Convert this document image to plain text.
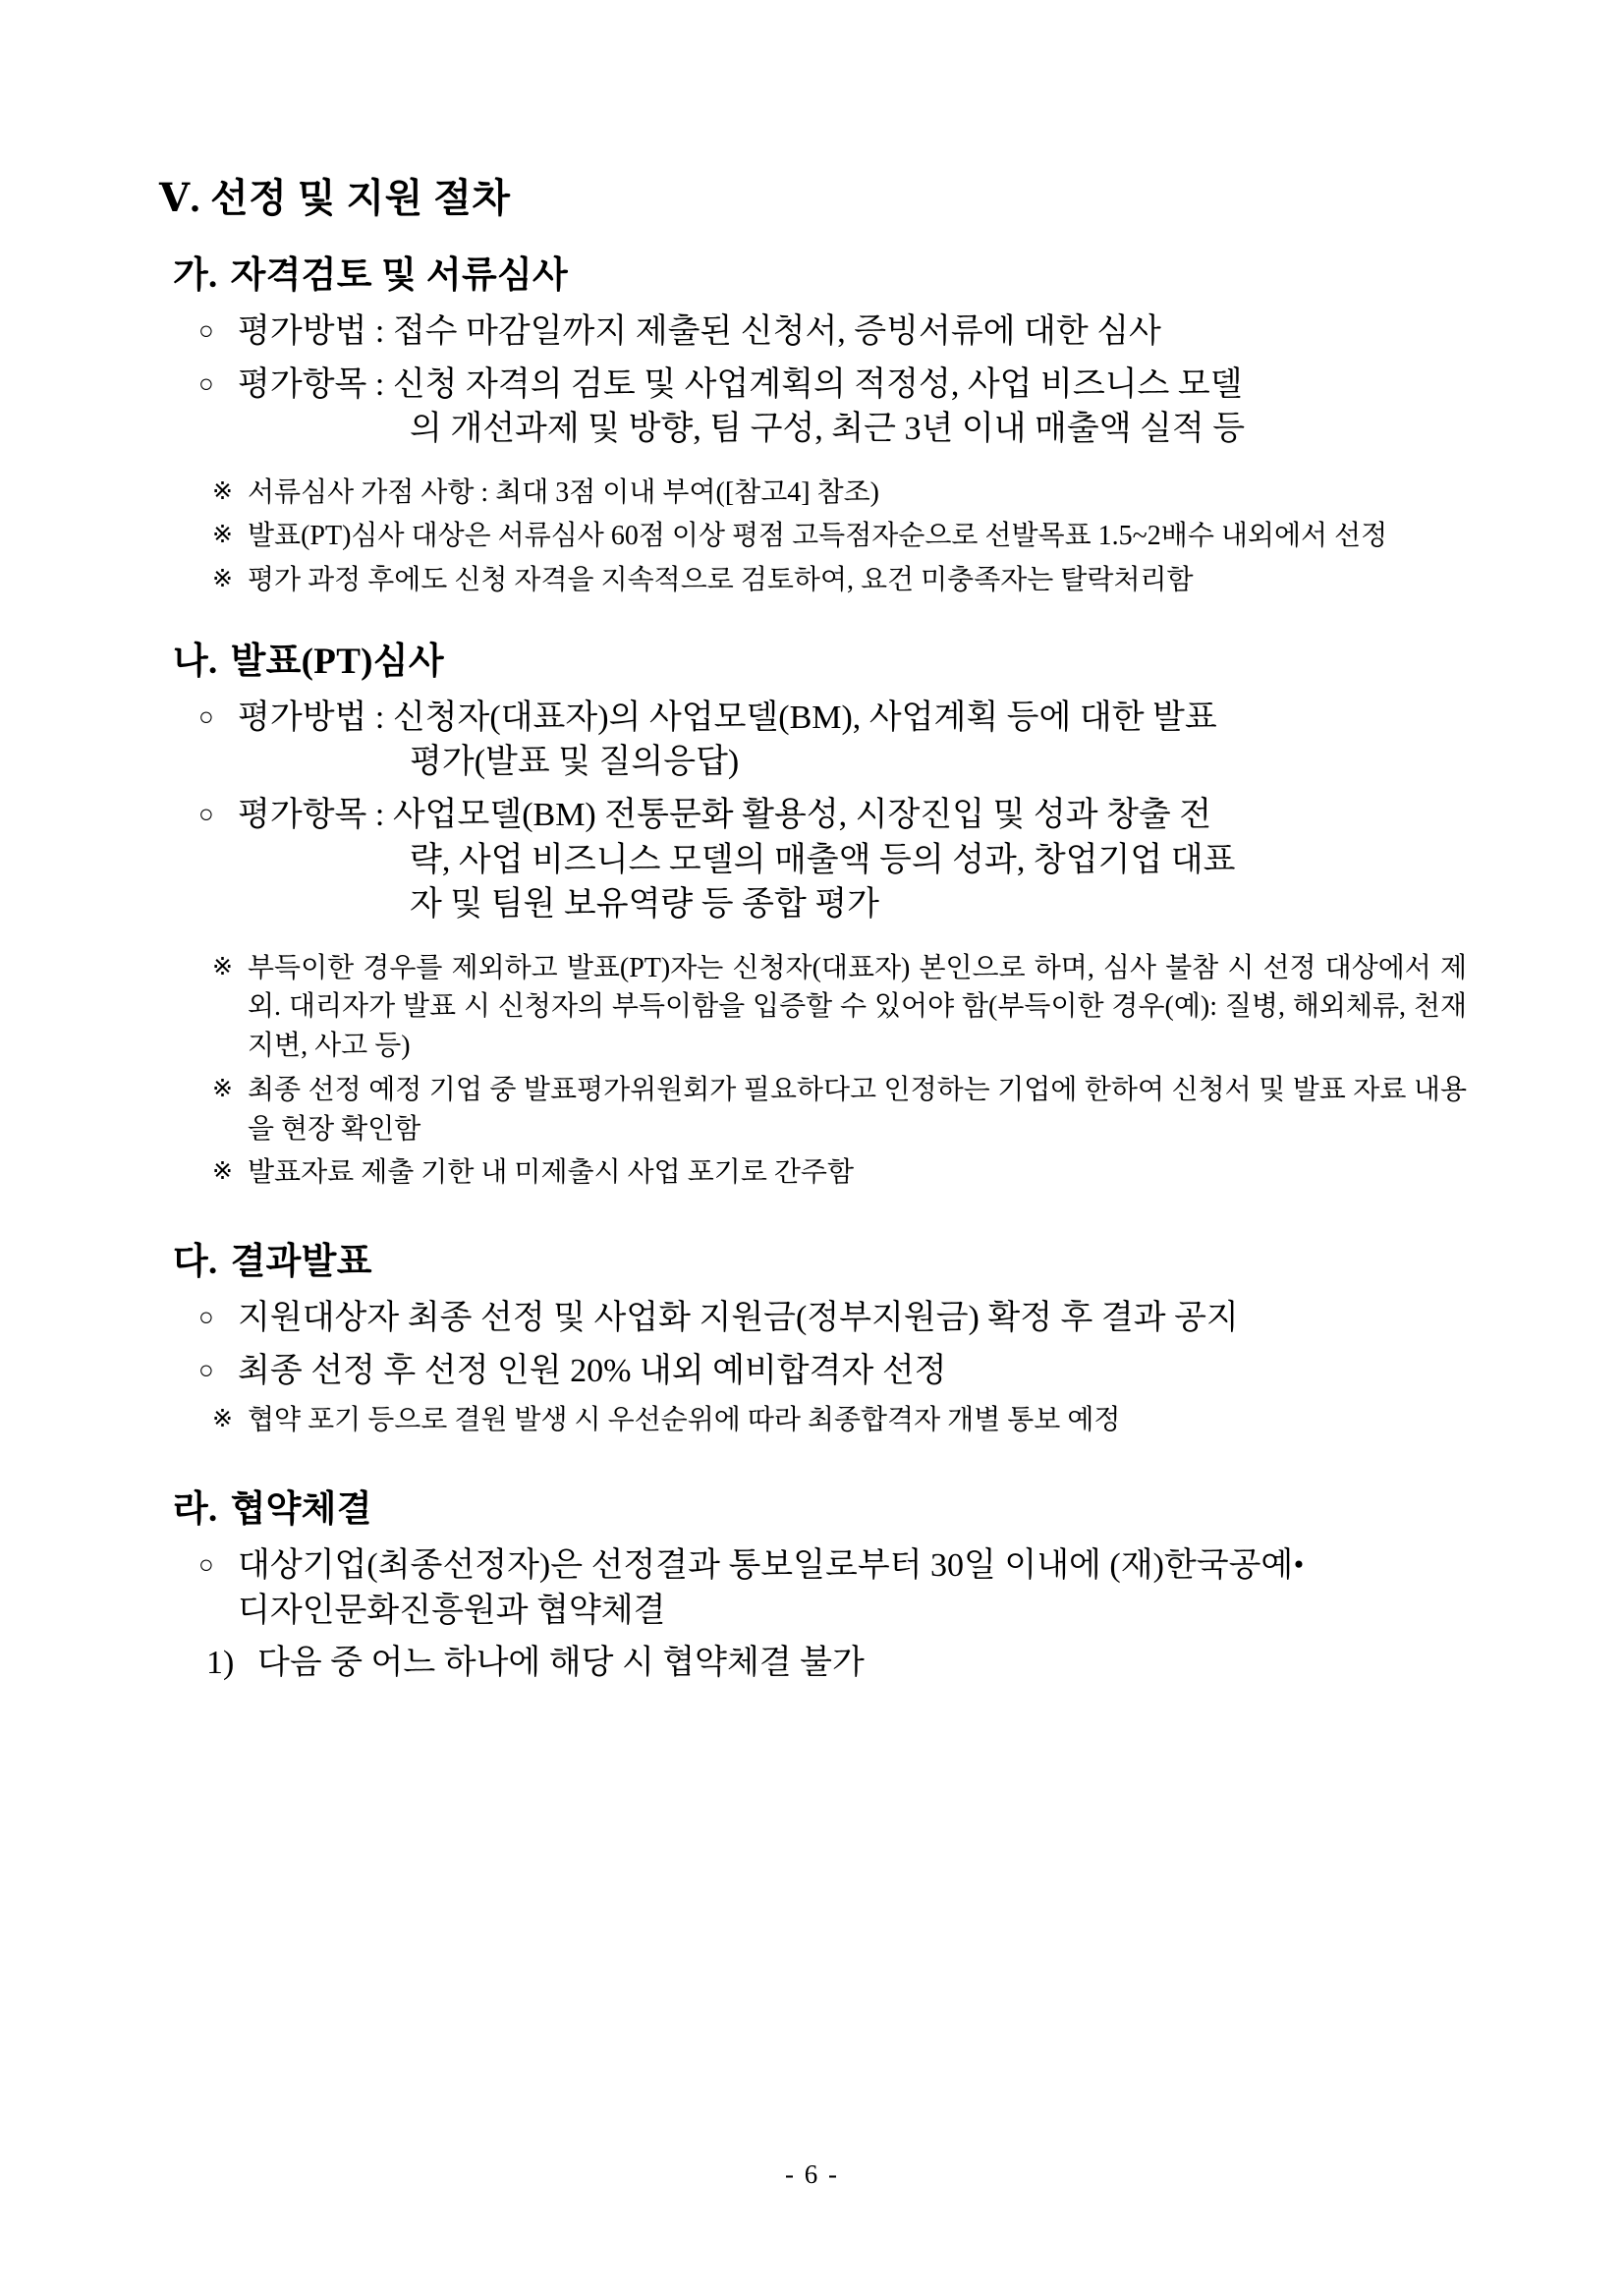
Ⅴ. 선정 및 지원 절차
가. 자격검토 및 서류심사
○ 평가방법 : 접수 마감일까지 제출된 신청서, 증빙서류에 대한 심사
○ 평가항목 : 신청 자격의 검토 및 사업계획의 적정성, 사업 비즈니스 모델
의 개선과제 및 방향, 팀 구성, 최근 3년 이내 매출액 실적 등
※ 서류심사 가점 사항 : 최대 3점 이내 부여([참고4] 참조)
※ 발표(PT)심사 대상은 서류심사 60점 이상 평점 고득점자순으로 선발목표 1.5~2배수 내외에서 선정
※ 평가 과정 후에도 신청 자격을 지속적으로 검토하여, 요건 미충족자는 탈락처리함
나. 발표(PT)심사
○ 평가방법 : 신청자(대표자)의 사업모델(BM), 사업계획 등에 대한 발표
평가(발표 및 질의응답)
○ 평가항목 : 사업모델(BM) 전통문화 활용성, 시장진입 및 성과 창출 전
략, 사업 비즈니스 모델의 매출액 등의 성과, 창업기업 대표
자 및 팀원 보유역량 등 종합 평가
※ 부득이한 경우를 제외하고 발표(PT)자는 신청자(대표자) 본인으로 하며, 심사 불참 시 선정 대상에서 제외. 대리자가 발표 시 신청자의 부득이함을 입증할 수 있어야 함(부득이한 경우(예): 질병, 해외체류, 천재지변, 사고 등)
※ 최종 선정 예정 기업 중 발표평가위원회가 필요하다고 인정하는 기업에 한하여 신청서 및 발표 자료 내용을 현장 확인함
※ 발표자료 제출 기한 내 미제출시 사업 포기로 간주함
다. 결과발표
○ 지원대상자 최종 선정 및 사업화 지원금(정부지원금) 확정 후 결과 공지
○ 최종 선정 후 선정 인원 20% 내외 예비합격자 선정
※ 협약 포기 등으로 결원 발생 시 우선순위에 따라 최종합격자 개별 통보 예정
라. 협약체결
○ 대상기업(최종선정자)은 선정결과 통보일로부터 30일 이내에 (재)한국공예‧
디자인문화진흥원과 협약체결
1) 다음 중 어느 하나에 해당 시 협약체결 불가
- 6 -
